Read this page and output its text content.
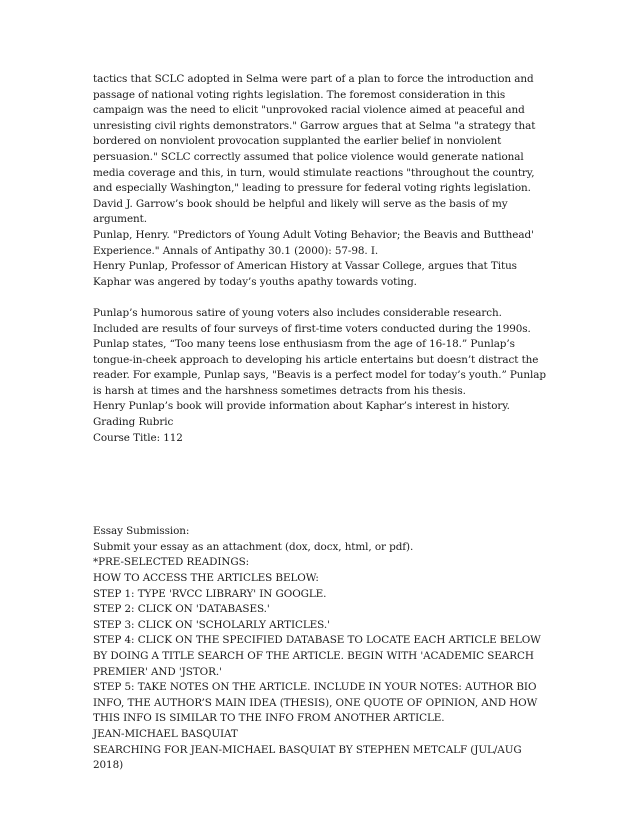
tactics that SCLC adopted in Selma were part of a plan to force the introduction and passage of national voting rights legislation. The foremost consideration in this campaign was the need to elicit "unprovoked racial violence aimed at peaceful and unresisting civil rights demonstrators." Garrow argues that at Selma "a strategy that bordered on nonviolent provocation supplanted the earlier belief in nonviolent persuasion." SCLC correctly assumed that police violence would generate national media coverage and this, in turn, would stimulate reactions "throughout the country, and especially Washington," leading to pressure for federal voting rights legislation.

David J. Garrow’s book should be helpful and likely will serve as the basis of my argument.

Punlap, Henry. "Predictors of Young Adult Voting Behavior; the Beavis and Butthead' Experience." Annals of Antipathy 30.1 (2000): 57-98. I.

Henry Punlap, Professor of American History at Vassar College, argues that Titus Kaphar was angered by today’s youths apathy towards voting.

Punlap’s humorous satire of young voters also includes considerable research. Included are results of four surveys of first-time voters conducted during the 1990s. Punlap states, “Too many teens lose enthusiasm from the age of 16-18.” Punlap’s tongue-in-cheek approach to developing his article entertains but doesn’t distract the reader. For example, Punlap says, "Beavis is a perfect model for today’s youth.” Punlap is harsh at times and the harshness sometimes detracts from his thesis.

Henry Punlap’s book will provide information about Kaphar’s interest in history.

Grading Rubric

Course Title: 112

Essay Submission:

Submit your essay as an attachment (dox, docx, html, or pdf).

*PRE-SELECTED READINGS:

HOW TO ACCESS THE ARTICLES BELOW:

STEP 1: TYPE 'RVCC LIBRARY' IN GOOGLE.

STEP 2: CLICK ON 'DATABASES.'

STEP 3: CLICK ON 'SCHOLARLY ARTICLES.'

STEP 4: CLICK ON THE SPECIFIED DATABASE TO LOCATE EACH ARTICLE BELOW BY DOING A TITLE SEARCH OF THE ARTICLE. BEGIN WITH 'ACADEMIC SEARCH PREMIER' AND 'JSTOR.'

STEP 5: TAKE NOTES ON THE ARTICLE. INCLUDE IN YOUR NOTES: AUTHOR BIO INFO, THE AUTHOR’S MAIN IDEA (THESIS), ONE QUOTE OF OPINION, AND HOW THIS INFO IS SIMILAR TO THE INFO FROM ANOTHER ARTICLE.

JEAN-MICHAEL BASQUIAT

SEARCHING FOR JEAN-MICHAEL BASQUIAT BY STEPHEN METCALF (JUL/AUG 2018)
